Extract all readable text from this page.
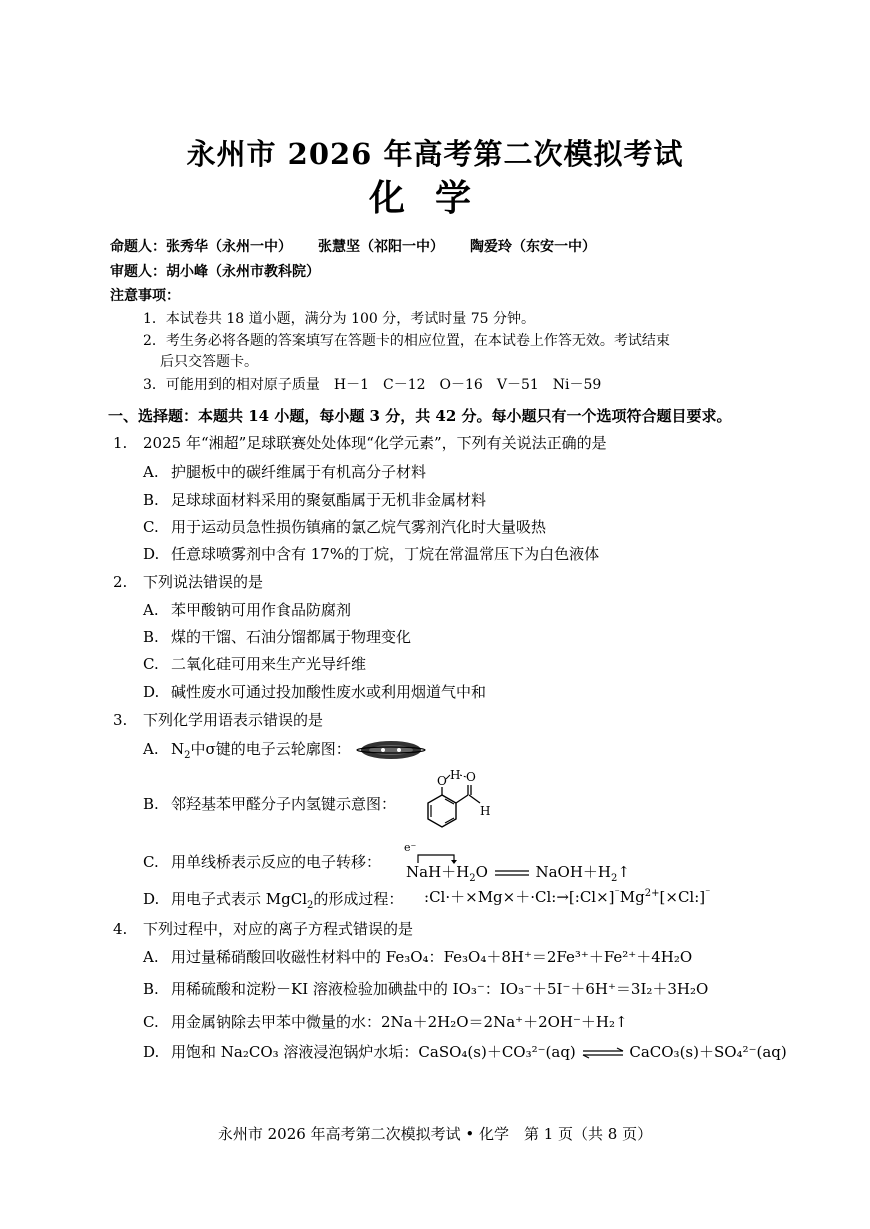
永州市 2026 年高考第二次模拟考试
化学
命题人：张秀华（永州一中） 张慧坚（祁阳一中） 陶爱玲（东安一中）
审题人：胡小峰（永州市教科院）
注意事项：
1．本试卷共 18 道小题，满分为 100 分，考试时量 75 分钟。
2．考生务必将各题的答案填写在答题卡的相应位置，在本试卷上作答无效。考试结束
后只交答题卡。
3．可能用到的相对原子质量　H－1　C－12　O－16　V－51　Ni－59
一、选择题：本题共 14 小题，每小题 3 分，共 42 分。每小题只有一个选项符合题目要求。
1. 2025 年“湘超”足球联赛处处体现“化学元素”，下列有关说法正确的是
A. 护腿板中的碳纤维属于有机高分子材料
B. 足球球面材料采用的聚氨酯属于无机非金属材料
C. 用于运动员急性损伤镇痛的氯乙烷气雾剂汽化时大量吸热
D. 任意球喷雾剂中含有 17%的丁烷，丁烷在常温常压下为白色液体
2. 下列说法错误的是
A. 苯甲酸钠可用作食品防腐剂
B. 煤的干馏、石油分馏都属于物理变化
C. 二氧化硅可用来生产光导纤维
D. 碱性废水可通过投加酸性废水或利用烟道气中和
3. 下列化学用语表示错误的是
A. $N_2$中σ键的电子云轮廓图：
B. 邻羟基苯甲醛分子内氢键示意图：
O H O
H
C. 用单线桥表示反应的电子转移：
e⁻
$NaH+H_2O$	$NaOH+H_2↑$
D. 用电子式表示 MgCl$_2$的形成过程： $:Cl\cdot+\times Mg\times+\cdot Cl:\to[:Cl\times]^{^-}Mg^{2+}[\times Cl:]^{^-}$
4. 下列过程中，对应的离子方程式错误的是
A. 用过量稀硝酸回收磁性材料中的 Fe₃O₄：Fe₃O₄＋8H⁺＝2Fe³⁺＋Fe²⁺＋4H₂O
B. 用稀硫酸和淀粉－KI 溶液检验加碘盐中的 IO₃⁻：IO₃⁻＋5I⁻＋6H⁺＝3I₂＋3H₂O
C. 用金属钠除去甲苯中微量的水：2Na＋2H₂O＝2Na⁺＋2OH⁻＋H₂↑
D. 用饱和 Na₂CO₃ 溶液浸泡锅炉水垢：CaSO₄(s)＋CO₃²⁻(aq) ⇌ CaCO₃(s)＋SO₄²⁻(aq)
永州市 2026 年高考第二次模拟考试 • 化学　第 1 页（共 8 页）
